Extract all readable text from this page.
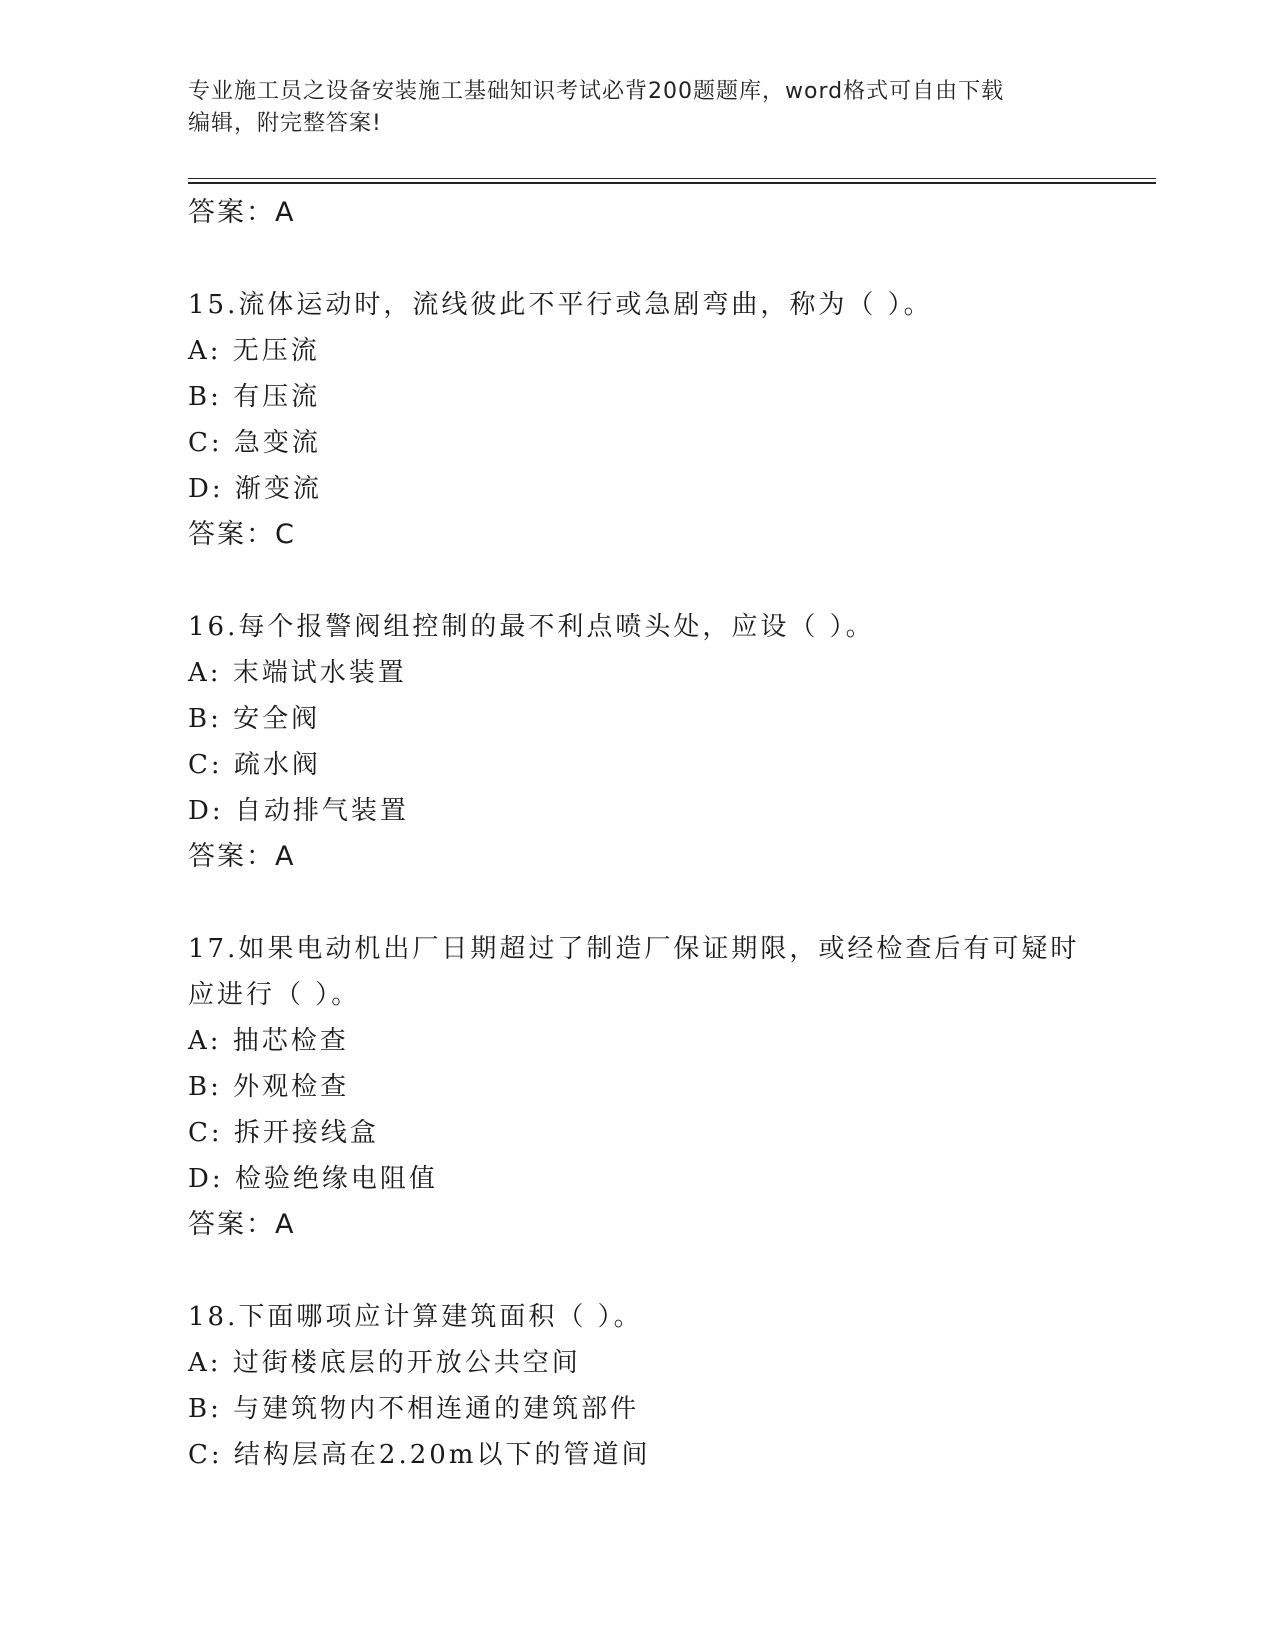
专业施工员之设备安装施工基础知识考试必背200题题库，word格式可自由下载
编辑，附完整答案!
答案：A
15.流体运动时，流线彼此不平行或急剧弯曲，称为（ ）。
A: 无压流
B: 有压流
C: 急变流
D: 渐变流
答案：C
16.每个报警阀组控制的最不利点喷头处，应设（ ）。
A: 末端试水装置
B: 安全阀
C: 疏水阀
D: 自动排气装置
答案：A
17.如果电动机出厂日期超过了制造厂保证期限，或经检查后有可疑时
应进行（ ）。
A: 抽芯检查
B: 外观检查
C: 拆开接线盒
D: 检验绝缘电阻值
答案：A
18.下面哪项应计算建筑面积（ ）。
A: 过街楼底层的开放公共空间
B: 与建筑物内不相连通的建筑部件
C: 结构层高在2.20m以下的管道间
